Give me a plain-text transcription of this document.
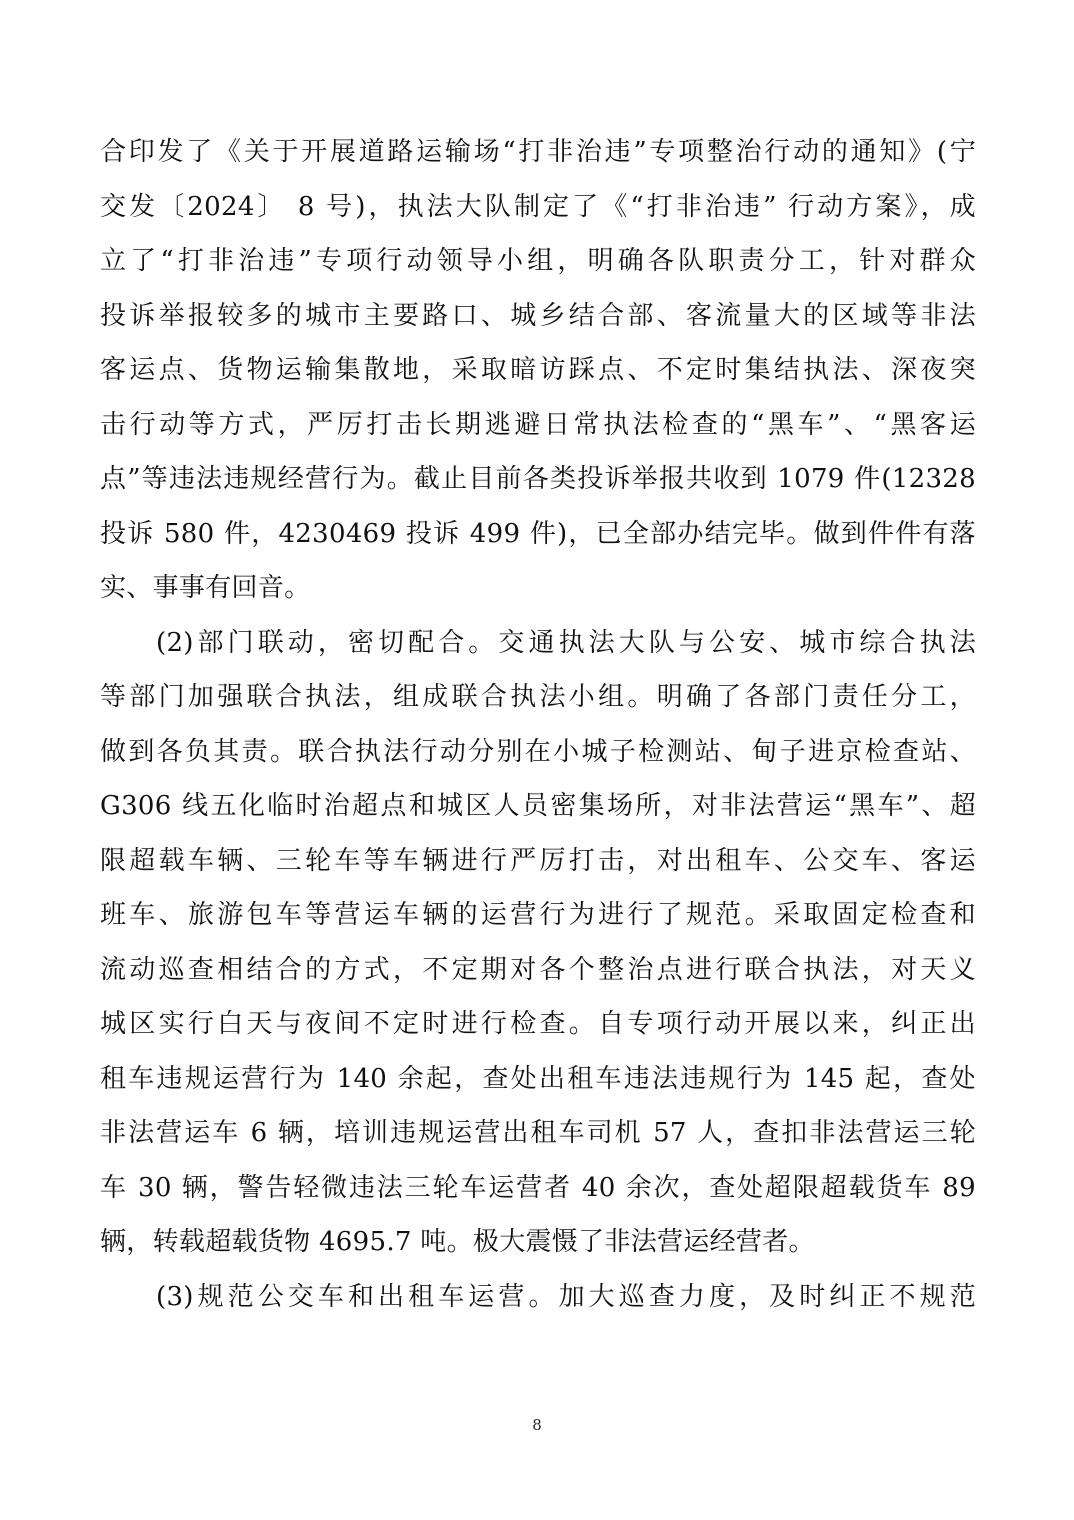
合印发了《关于开展道路运输场“打非治违”专项整治行动的通知》(宁
交发〔2024〕 8 号)，执法大队制定了《“打非治违” 行动方案》，成
立了“打非治违”专项行动领导小组，明确各队职责分工，针对群众
投诉举报较多的城市主要路口、城乡结合部、客流量大的区域等非法
客运点、货物运输集散地，采取暗访踩点、不定时集结执法、深夜突
击行动等方式，严厉打击长期逃避日常执法检查的“黑车”、“黑客运
点”等违法违规经营行为。截止目前各类投诉举报共收到 1079 件(12328
投诉 580 件，4230469 投诉 499 件)，已全部办结完毕。做到件件有落
实、事事有回音。

(2)部门联动，密切配合。交通执法大队与公安、城市综合执法
等部门加强联合执法，组成联合执法小组。明确了各部门责任分工，
做到各负其责。联合执法行动分别在小城子检测站、甸子进京检查站、
G306 线五化临时治超点和城区人员密集场所，对非法营运“黑车”、超
限超载车辆、三轮车等车辆进行严厉打击，对出租车、公交车、客运
班车、旅游包车等营运车辆的运营行为进行了规范。采取固定检查和
流动巡查相结合的方式，不定期对各个整治点进行联合执法，对天义
城区实行白天与夜间不定时进行检查。自专项行动开展以来，纠正出
租车违规运营行为 140 余起，查处出租车违法违规行为 145 起，查处
非法营运车 6 辆，培训违规运营出租车司机 57 人，查扣非法营运三轮
车 30 辆，警告轻微违法三轮车运营者 40 余次，查处超限超载货车 89
辆，转载超载货物 4695.7 吨。极大震慑了非法营运经营者。

(3)规范公交车和出租车运营。加大巡查力度，及时纠正不规范

8
